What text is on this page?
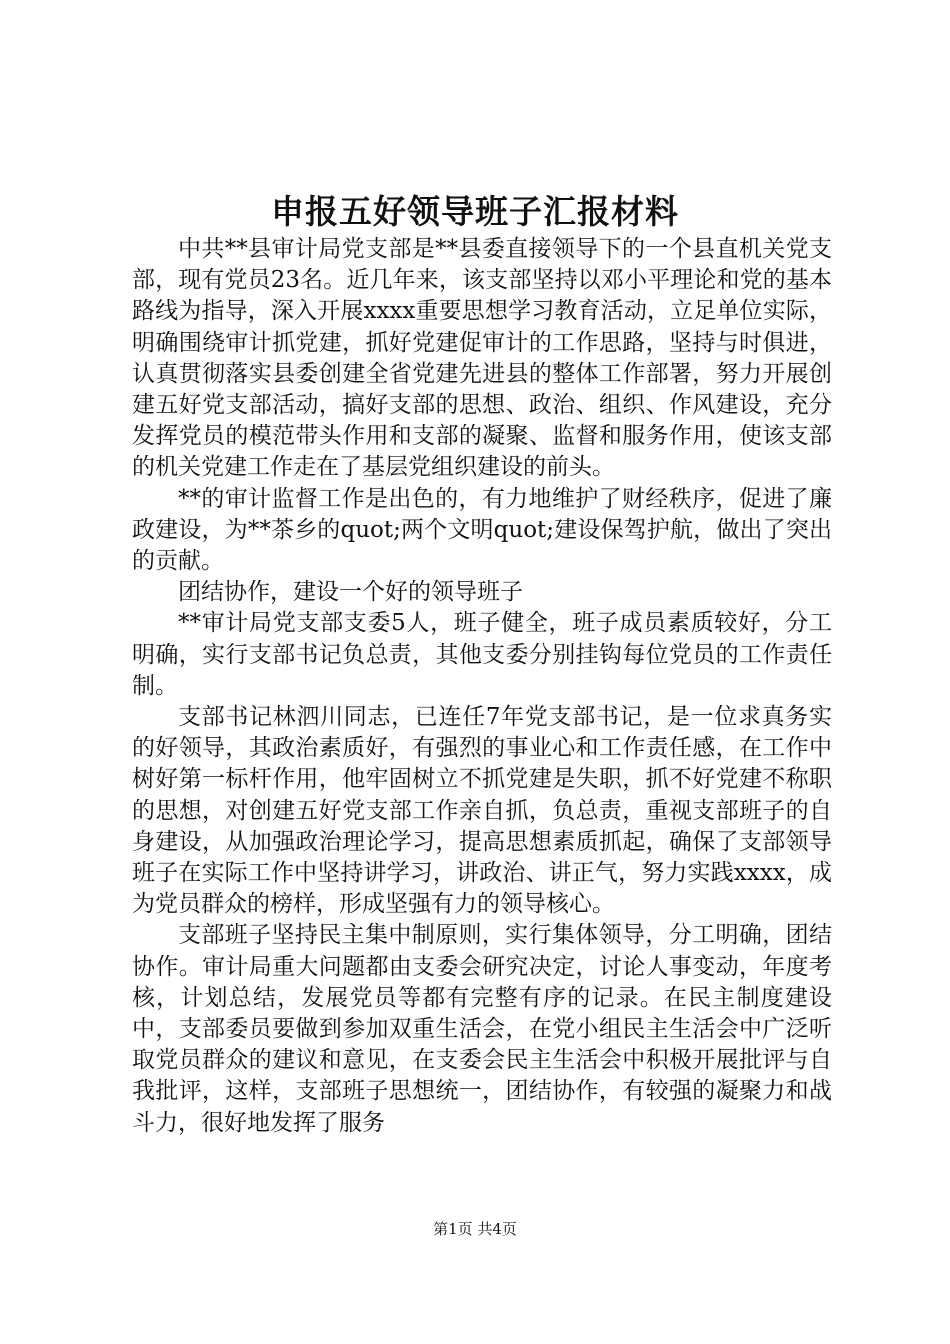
申报五好领导班子汇报材料

中共**县审计局党支部是**县委直接领导下的一个县直机关党支部，现有党员23名。近几年来，该支部坚持以邓小平理论和党的基本路线为指导，深入开展xxxx重要思想学习教育活动，立足单位实际，明确围绕审计抓党建，抓好党建促审计的工作思路，坚持与时俱进，认真贯彻落实县委创建全省党建先进县的整体工作部署，努力开展创建五好党支部活动，搞好支部的思想、政治、组织、作风建设，充分发挥党员的模范带头作用和支部的凝聚、监督和服务作用，使该支部的机关党建工作走在了基层党组织建设的前头。

**的审计监督工作是出色的，有力地维护了财经秩序，促进了廉政建设，为**茶乡的quot;两个文明quot;建设保驾护航，做出了突出的贡献。

团结协作，建设一个好的领导班子

**审计局党支部支委5人，班子健全，班子成员素质较好，分工明确，实行支部书记负总责，其他支委分别挂钩每位党员的工作责任制。

支部书记林泗川同志，已连任7年党支部书记，是一位求真务实的好领导，其政治素质好，有强烈的事业心和工作责任感，在工作中树好第一标杆作用，他牢固树立不抓党建是失职，抓不好党建不称职的思想，对创建五好党支部工作亲自抓，负总责，重视支部班子的自身建设，从加强政治理论学习，提高思想素质抓起，确保了支部领导班子在实际工作中坚持讲学习，讲政治、讲正气，努力实践xxxx，成为党员群众的榜样，形成坚强有力的领导核心。

支部班子坚持民主集中制原则，实行集体领导，分工明确，团结协作。审计局重大问题都由支委会研究决定，讨论人事变动，年度考核，计划总结，发展党员等都有完整有序的记录。在民主制度建设中，支部委员要做到参加双重生活会，在党小组民主生活会中广泛听取党员群众的建议和意见，在支委会民主生活会中积极开展批评与自我批评，这样，支部班子思想统一，团结协作，有较强的凝聚力和战斗力，很好地发挥了服务

第1页 共4页
